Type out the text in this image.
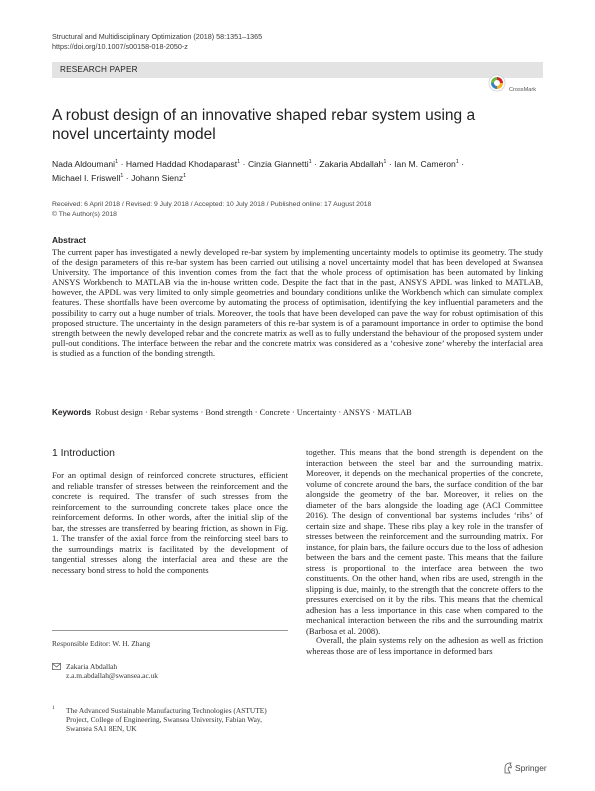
Structural and Multidisciplinary Optimization (2018) 58:1351–1365
https://doi.org/10.1007/s00158-018-2050-z
RESEARCH PAPER
CrossMark
A robust design of an innovative shaped rebar system using a novel uncertainty model
Nada Aldoumani$^1$ · Hamed Haddad Khodaparast$^1$ · Cinzia Giannetti$^1$ · Zakaria Abdallah$^1$ · Ian M. Cameron$^1$ ·
Michael I. Friswell$^1$ · Johann Sienz$^1$
Received: 6 April 2018 / Revised: 9 July 2018 / Accepted: 10 July 2018 / Published online: 17 August 2018
© The Author(s) 2018
Abstract

The current paper has investigated a newly developed re-bar system by implementing uncertainty models to optimise its geometry. The study of the design parameters of this re-bar system has been carried out utilising a novel uncertainty model that has been developed at Swansea University. The importance of this invention comes from the fact that the whole process of optimisation has been automated by linking ANSYS Workbench to MATLAB via the in-house written code. Despite the fact that in the past, ANSYS APDL was linked to MATLAB, however, the APDL was very limited to only simple geometries and boundary conditions unlike the Workbench which can simulate complex features. These shortfalls have been overcome by automating the process of optimisation, identifying the key influential parameters and the possibility to carry out a huge number of trials. Moreover, the tools that have been developed can pave the way for robust optimisation of this proposed structure. The uncertainty in the design parameters of this re-bar system is of a paramount importance in order to optimise the bond strength between the newly developed rebar and the concrete matrix as well as to fully understand the behaviour of the proposed system under pull-out conditions. The interface between the rebar and the concrete matrix was considered as a ‘cohesive zone’ whereby the interfacial area is studied as a function of the bonding strength.

Keywords Robust design · Rebar systems · Bond strength · Concrete · Uncertainty · ANSYS · MATLAB
1 Introduction

For an optimal design of reinforced concrete structures, efficient and reliable transfer of stresses between the reinforcement and the concrete is required. The transfer of such stresses from the reinforcement to the surrounding concrete takes place once the reinforcement deforms. In other words, after the initial slip of the bar, the stresses are transferred by bearing friction, as shown in Fig. 1. The transfer of the axial force from the reinforcing steel bars to the surroundings matrix is facilitated by the development of tangential stresses along the interfacial area and these are the necessary bond stress to hold the components

together. This means that the bond strength is dependent on the interaction between the steel bar and the surrounding matrix. Moreover, it depends on the mechanical properties of the concrete, volume of concrete around the bars, the surface condition of the bar alongside the geometry of the bar. Moreover, it relies on the diameter of the bars alongside the loading age (ACI Committee 2016). The design of conventional bar systems includes ‘ribs’ of certain size and shape. These ribs play a key role in the transfer of stresses between the reinforcement and the surrounding matrix. For instance, for plain bars, the failure occurs due to the loss of adhesion between the bars and the cement paste. This means that the failure stress is proportional to the interface area between the two constituents. On the other hand, when ribs are used, strength in the slipping is due, mainly, to the strength that the concrete offers to the pressures exercised on it by the ribs. This means that the chemical adhesion has a less importance in this case when compared to the mechanical interaction between the ribs and the surrounding matrix (Barbosa et al. 2008).

Overall, the plain systems rely on the adhesion as well as friction whereas those are of less importance in deformed bars

Responsible Editor: W. H. Zhang
Zakaria Abdallah
z.a.m.abdallah@swansea.ac.uk
1 The Advanced Sustainable Manufacturing Technologies (ASTUTE) Project, College of Engineering, Swansea University, Fabian Way, Swansea SA1 8EN, UK
Springer
